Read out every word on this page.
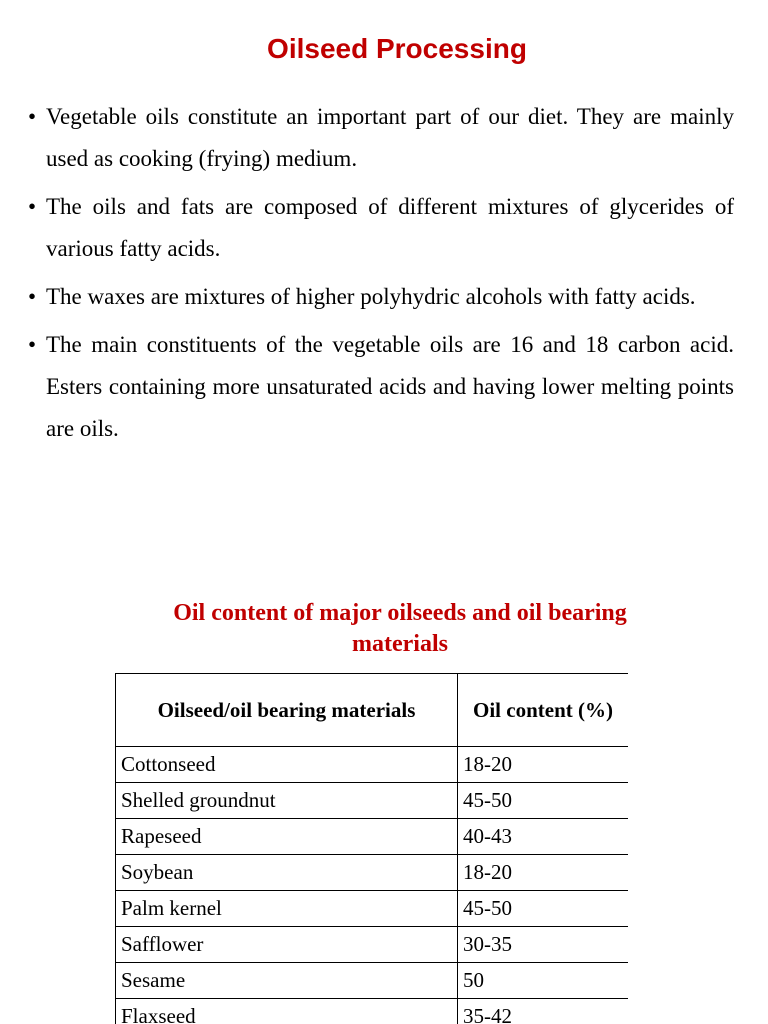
Oilseed Processing
• Vegetable oils constitute an important part of our diet. They are mainly used as cooking (frying) medium.
• The oils and fats are composed of different mixtures of glycerides of various fatty acids.
• The waxes are mixtures of higher polyhydric alcohols with fatty acids.
• The main constituents of the vegetable oils are 16 and 18 carbon acid. Esters containing more unsaturated acids and having lower melting points are oils.
Oil content of major oilseeds and oil bearing materials
Oilseed/oil bearing materials	Oil content (%)
Cottonseed	18-20
Shelled groundnut	45-50
Rapeseed	40-43
Soybean	18-20
Palm kernel	45-50
Safflower	30-35
Sesame	50
Flaxseed	35-42
